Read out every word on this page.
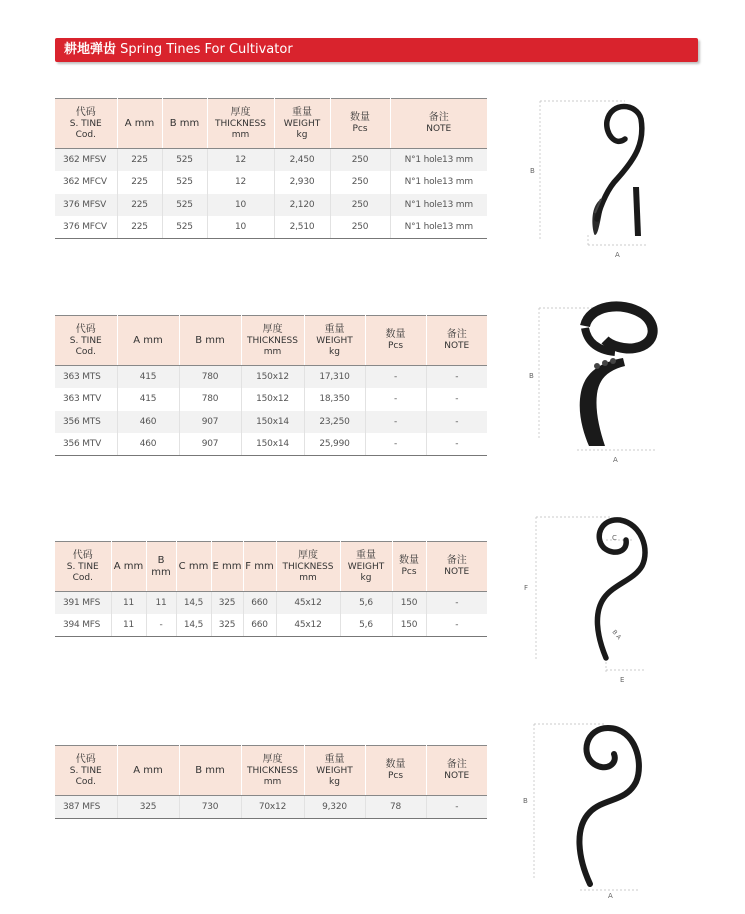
耕地弹齿 Spring Tines For Cultivator
代码
S. TINE
Cod.	A mm	B mm	厚度
THICKNESS
mm	重量
WEIGHT
kg	数量
Pcs	备注
NOTE
362 MFSV	225	525	12	2,450	250	N°1 hole13 mm
362 MFCV	225	525	12	2,930	250	N°1 hole13 mm
376 MFSV	225	525	10	2,120	250	N°1 hole13 mm
376 MFCV	225	525	10	2,510	250	N°1 hole13 mm
代码
S. TINE
Cod.	A mm	B mm	厚度
THICKNESS
mm	重量
WEIGHT
kg	数量
Pcs	备注
NOTE
363 MTS	415	780	150x12	17,310	-	-
363 MTV	415	780	150x12	18,350	-	-
356 MTS	460	907	150x14	23,250	-	-
356 MTV	460	907	150x14	25,990	-	-
代码
S. TINE
Cod.	A mm	B mm	C mm	E mm	F mm	厚度
THICKNESS
mm	重量
WEIGHT
kg	数量
Pcs	备注
NOTE
391 MFS	11	11	14,5	325	660	45x12	5,6	150	-
394 MFS	11	-	14,5	325	660	45x12	5,6	150	-
代码
S. TINE
Cod.	A mm	B mm	厚度
THICKNESS
mm	重量
WEIGHT
kg	数量
Pcs	备注
NOTE
387 MFS	325	730	70x12	9,320	78	-
B
A
B
A
C
F
E
B A
B
A
